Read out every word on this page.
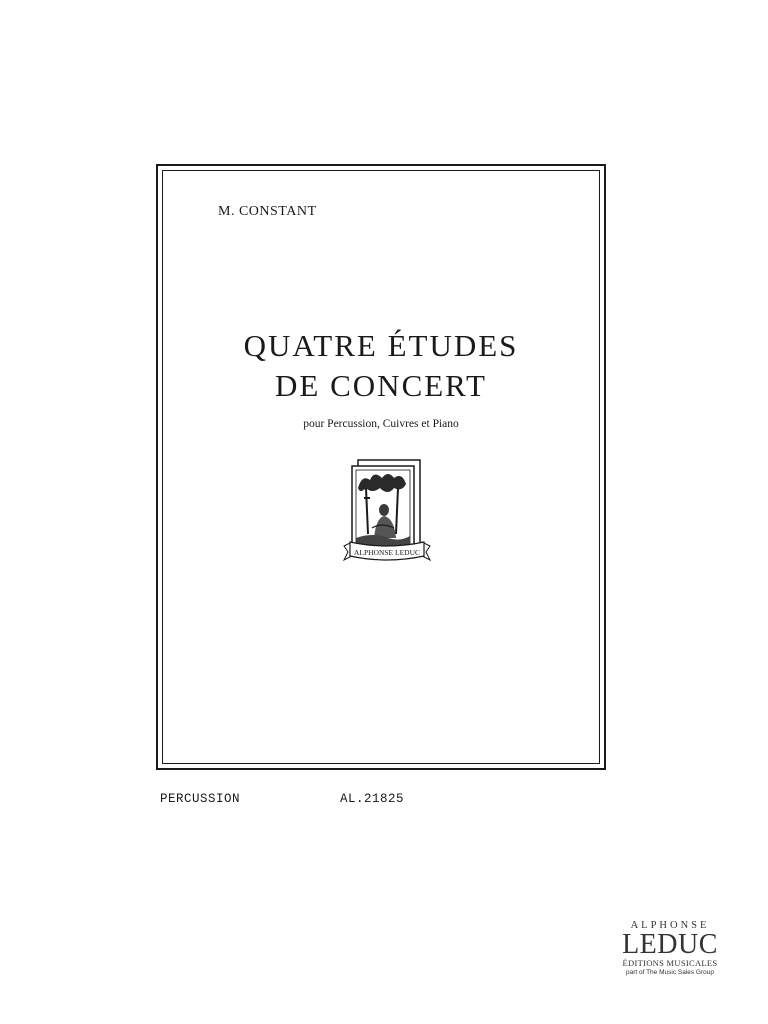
M. CONSTANT
QUATRE ÉTUDES
DE CONCERT
pour Percussion, Cuivres et Piano
ALPHONSE LEDUC
PERCUSSION	AL.21825
ALPHONSE
LEDUC
ÉDITIONS MUSICALES
part of The Music Sales Group
